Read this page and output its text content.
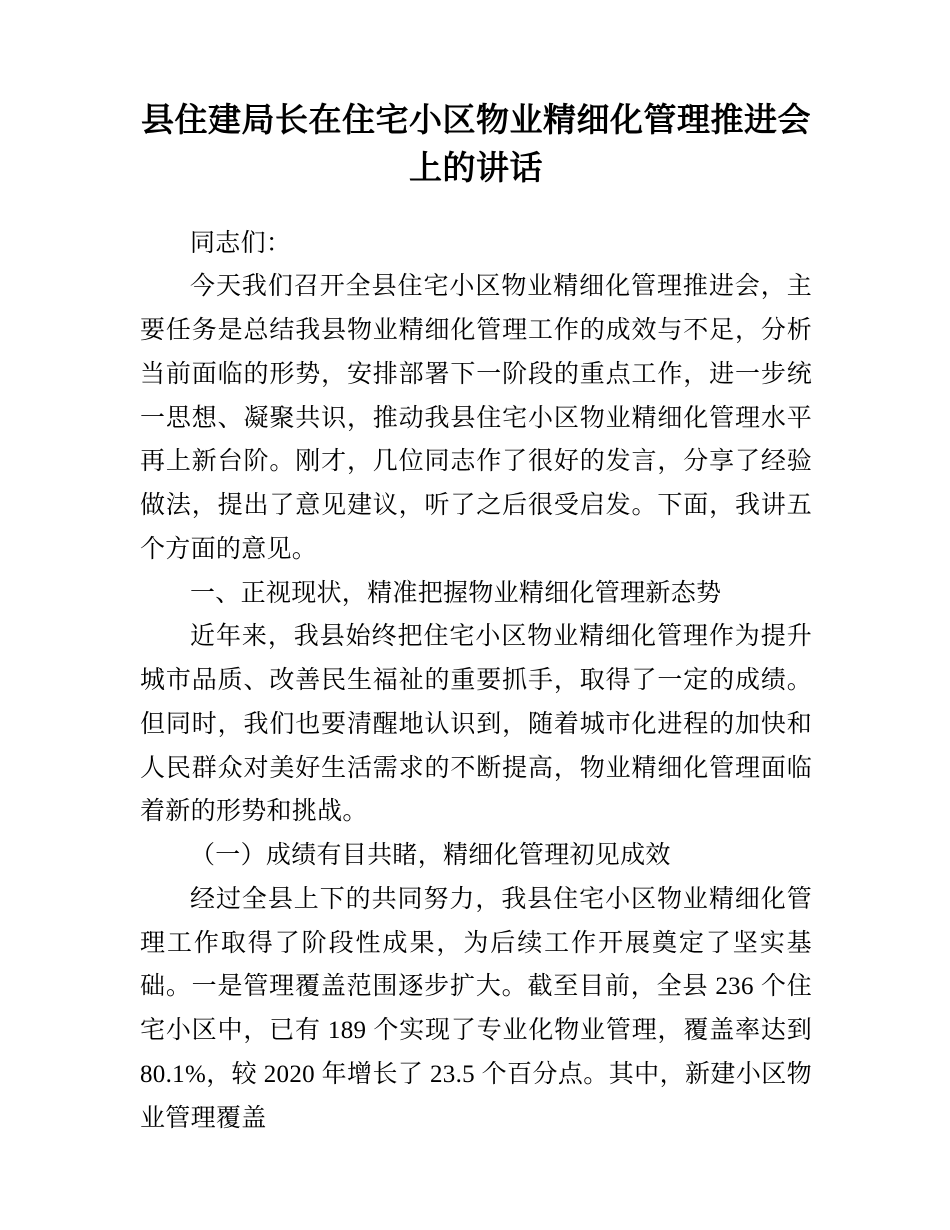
县住建局长在住宅小区物业精细化管理推进会上的讲话

同志们：

今天我们召开全县住宅小区物业精细化管理推进会，主要任务是总结我县物业精细化管理工作的成效与不足，分析当前面临的形势，安排部署下一阶段的重点工作，进一步统一思想、凝聚共识，推动我县住宅小区物业精细化管理水平再上新台阶。刚才，几位同志作了很好的发言，分享了经验做法，提出了意见建议，听了之后很受启发。下面，我讲五个方面的意见。

一、正视现状，精准把握物业精细化管理新态势

近年来，我县始终把住宅小区物业精细化管理作为提升城市品质、改善民生福祉的重要抓手，取得了一定的成绩。但同时，我们也要清醒地认识到，随着城市化进程的加快和人民群众对美好生活需求的不断提高，物业精细化管理面临着新的形势和挑战。

（一）成绩有目共睹，精细化管理初见成效

经过全县上下的共同努力，我县住宅小区物业精细化管理工作取得了阶段性成果，为后续工作开展奠定了坚实基础。一是管理覆盖范围逐步扩大。截至目前，全县 236 个住宅小区中，已有 189 个实现了专业化物业管理，覆盖率达到 80.1%，较 2020 年增长了 23.5 个百分点。其中，新建小区物业管理覆盖
